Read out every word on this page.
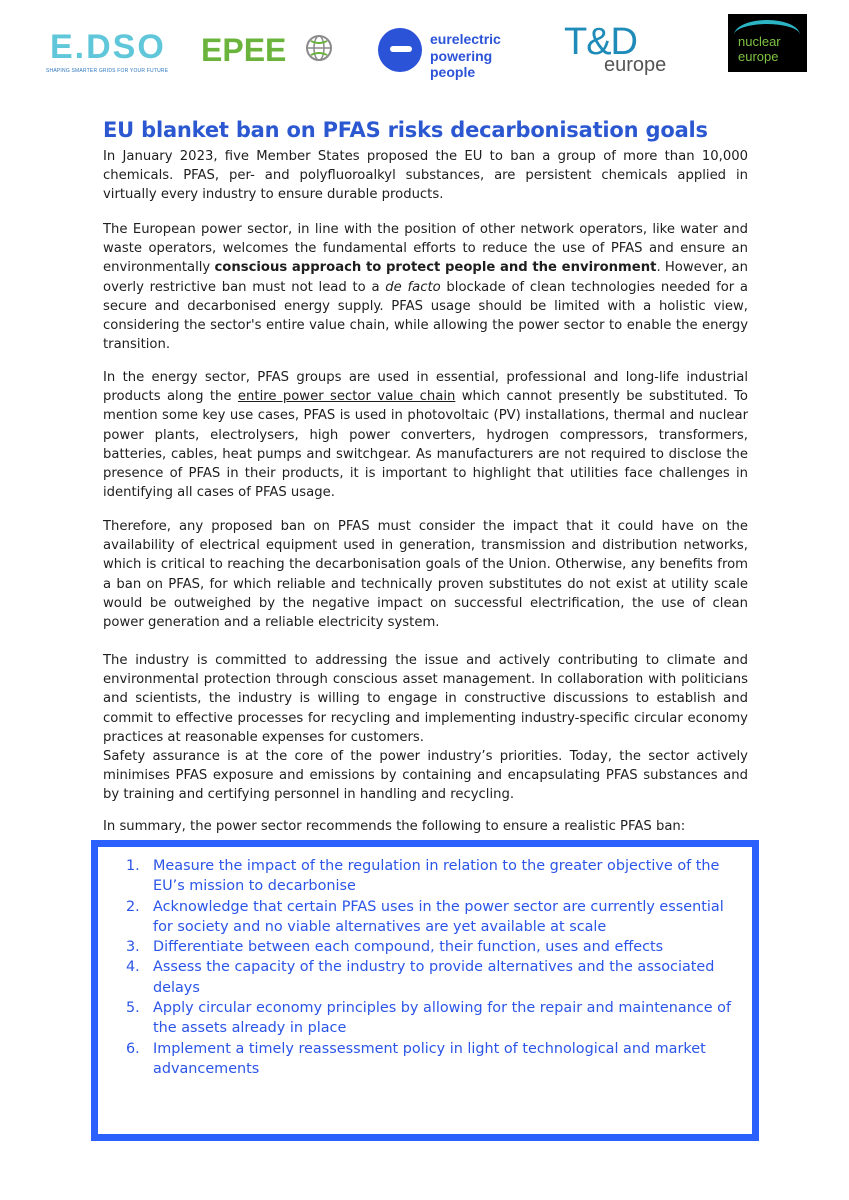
E.DSO
SHAPING SMARTER GRIDS FOR YOUR FUTURE
EPEE	eurelectric
powering people
T&D
europe
nuclear
europe
EU blanket ban on PFAS risks decarbonisation goals

In January 2023, five Member States proposed the EU to ban a group of more than 10,000 chemicals. PFAS, per- and polyfluoroalkyl substances, are persistent chemicals applied in virtually every industry to ensure durable products.

The European power sector, in line with the position of other network operators, like water and waste operators, welcomes the fundamental efforts to reduce the use of PFAS and ensure an environmentally conscious approach to protect people and the environment. However, an overly restrictive ban must not lead to a de facto blockade of clean technologies needed for a secure and decarbonised energy supply. PFAS usage should be limited with a holistic view, considering the sector's entire value chain, while allowing the power sector to enable the energy transition.

In the energy sector, PFAS groups are used in essential, professional and long-life industrial products along the entire power sector value chain which cannot presently be substituted. To mention some key use cases, PFAS is used in photovoltaic (PV) installations, thermal and nuclear power plants, electrolysers, high power converters, hydrogen compressors, transformers, batteries, cables, heat pumps and switchgear. As manufacturers are not required to disclose the presence of PFAS in their products, it is important to highlight that utilities face challenges in identifying all cases of PFAS usage.

Therefore, any proposed ban on PFAS must consider the impact that it could have on the availability of electrical equipment used in generation, transmission and distribution networks, which is critical to reaching the decarbonisation goals of the Union. Otherwise, any benefits from a ban on PFAS, for which reliable and technically proven substitutes do not exist at utility scale would be outweighed by the negative impact on successful electrification, the use of clean power generation and a reliable electricity system.

The industry is committed to addressing the issue and actively contributing to climate and environmental protection through conscious asset management. In collaboration with politicians and scientists, the industry is willing to engage in constructive discussions to establish and commit to effective processes for recycling and implementing industry-specific circular economy practices at reasonable expenses for customers.
Safety assurance is at the core of the power industry’s priorities. Today, the sector actively minimises PFAS exposure and emissions by containing and encapsulating PFAS substances and by training and certifying personnel in handling and recycling.

In summary, the power sector recommends the following to ensure a realistic PFAS ban:

1. Measure the impact of the regulation in relation to the greater objective of the EU’s mission to decarbonise
2. Acknowledge that certain PFAS uses in the power sector are currently essential for society and no viable alternatives are yet available at scale
3. Differentiate between each compound, their function, uses and effects
4. Assess the capacity of the industry to provide alternatives and the associated delays
5. Apply circular economy principles by allowing for the repair and maintenance of the assets already in place
6. Implement a timely reassessment policy in light of technological and market advancements
